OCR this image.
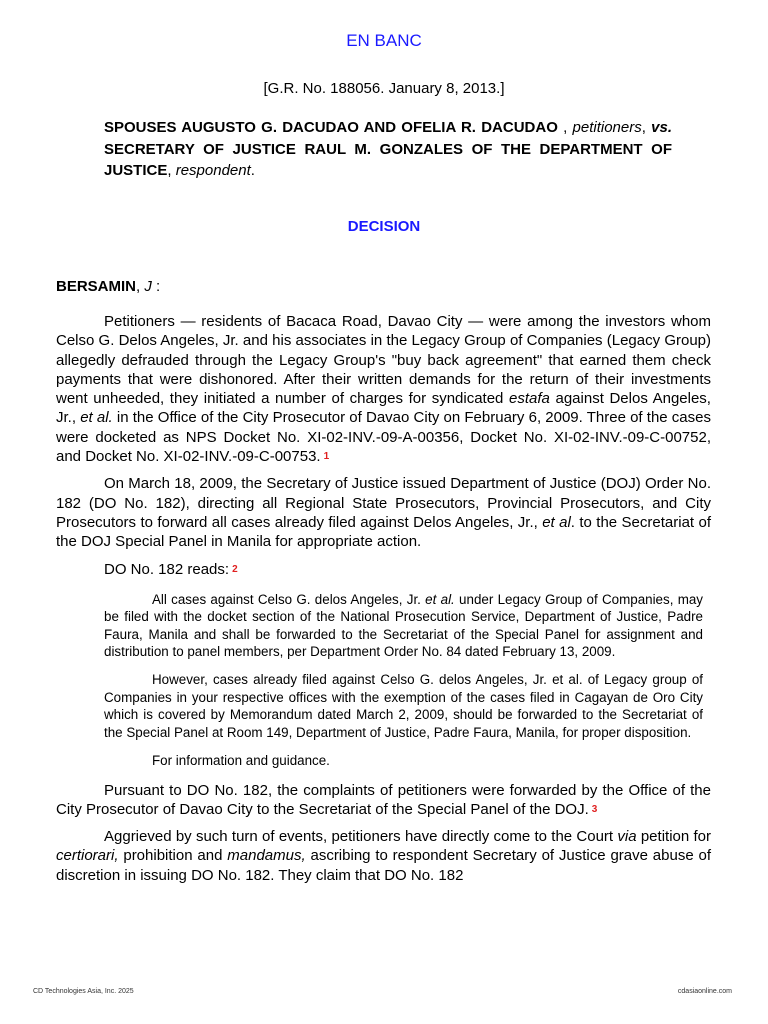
EN BANC
[G.R. No. 188056. January 8, 2013.]
SPOUSES AUGUSTO G. DACUDAO AND OFELIA R. DACUDAO , petitioners, vs. SECRETARY OF JUSTICE RAUL M. GONZALES OF THE DEPARTMENT OF JUSTICE, respondent.
DECISION
BERSAMIN, J :

Petitioners — residents of Bacaca Road, Davao City — were among the investors whom Celso G. Delos Angeles, Jr. and his associates in the Legacy Group of Companies (Legacy Group) allegedly defrauded through the Legacy Group's "buy back agreement" that earned them check payments that were dishonored. After their written demands for the return of their investments went unheeded, they initiated a number of charges for syndicated estafa against Delos Angeles, Jr., et al. in the Office of the City Prosecutor of Davao City on February 6, 2009. Three of the cases were docketed as NPS Docket No. XI-02-INV.-09-A-00356, Docket No. XI-02-INV.-09-C-00752, and Docket No. XI-02-INV.-09-C-00753. 1

On March 18, 2009, the Secretary of Justice issued Department of Justice (DOJ) Order No. 182 (DO No. 182), directing all Regional State Prosecutors, Provincial Prosecutors, and City Prosecutors to forward all cases already filed against Delos Angeles, Jr., et al. to the Secretariat of the DOJ Special Panel in Manila for appropriate action.

DO No. 182 reads: 2

All cases against Celso G. delos Angeles, Jr. et al. under Legacy Group of Companies, may be filed with the docket section of the National Prosecution Service, Department of Justice, Padre Faura, Manila and shall be forwarded to the Secretariat of the Special Panel for assignment and distribution to panel members, per Department Order No. 84 dated February 13, 2009.

However, cases already filed against Celso G. delos Angeles, Jr. et al. of Legacy group of Companies in your respective offices with the exemption of the cases filed in Cagayan de Oro City which is covered by Memorandum dated March 2, 2009, should be forwarded to the Secretariat of the Special Panel at Room 149, Department of Justice, Padre Faura, Manila, for proper disposition.

For information and guidance.

Pursuant to DO No. 182, the complaints of petitioners were forwarded by the Office of the City Prosecutor of Davao City to the Secretariat of the Special Panel of the DOJ. 3

Aggrieved by such turn of events, petitioners have directly come to the Court via petition for certiorari, prohibition and mandamus, ascribing to respondent Secretary of Justice grave abuse of discretion in issuing DO No. 182. They claim that DO No. 182

CD Technologies Asia, Inc. 2025	cdasiaonline.com
